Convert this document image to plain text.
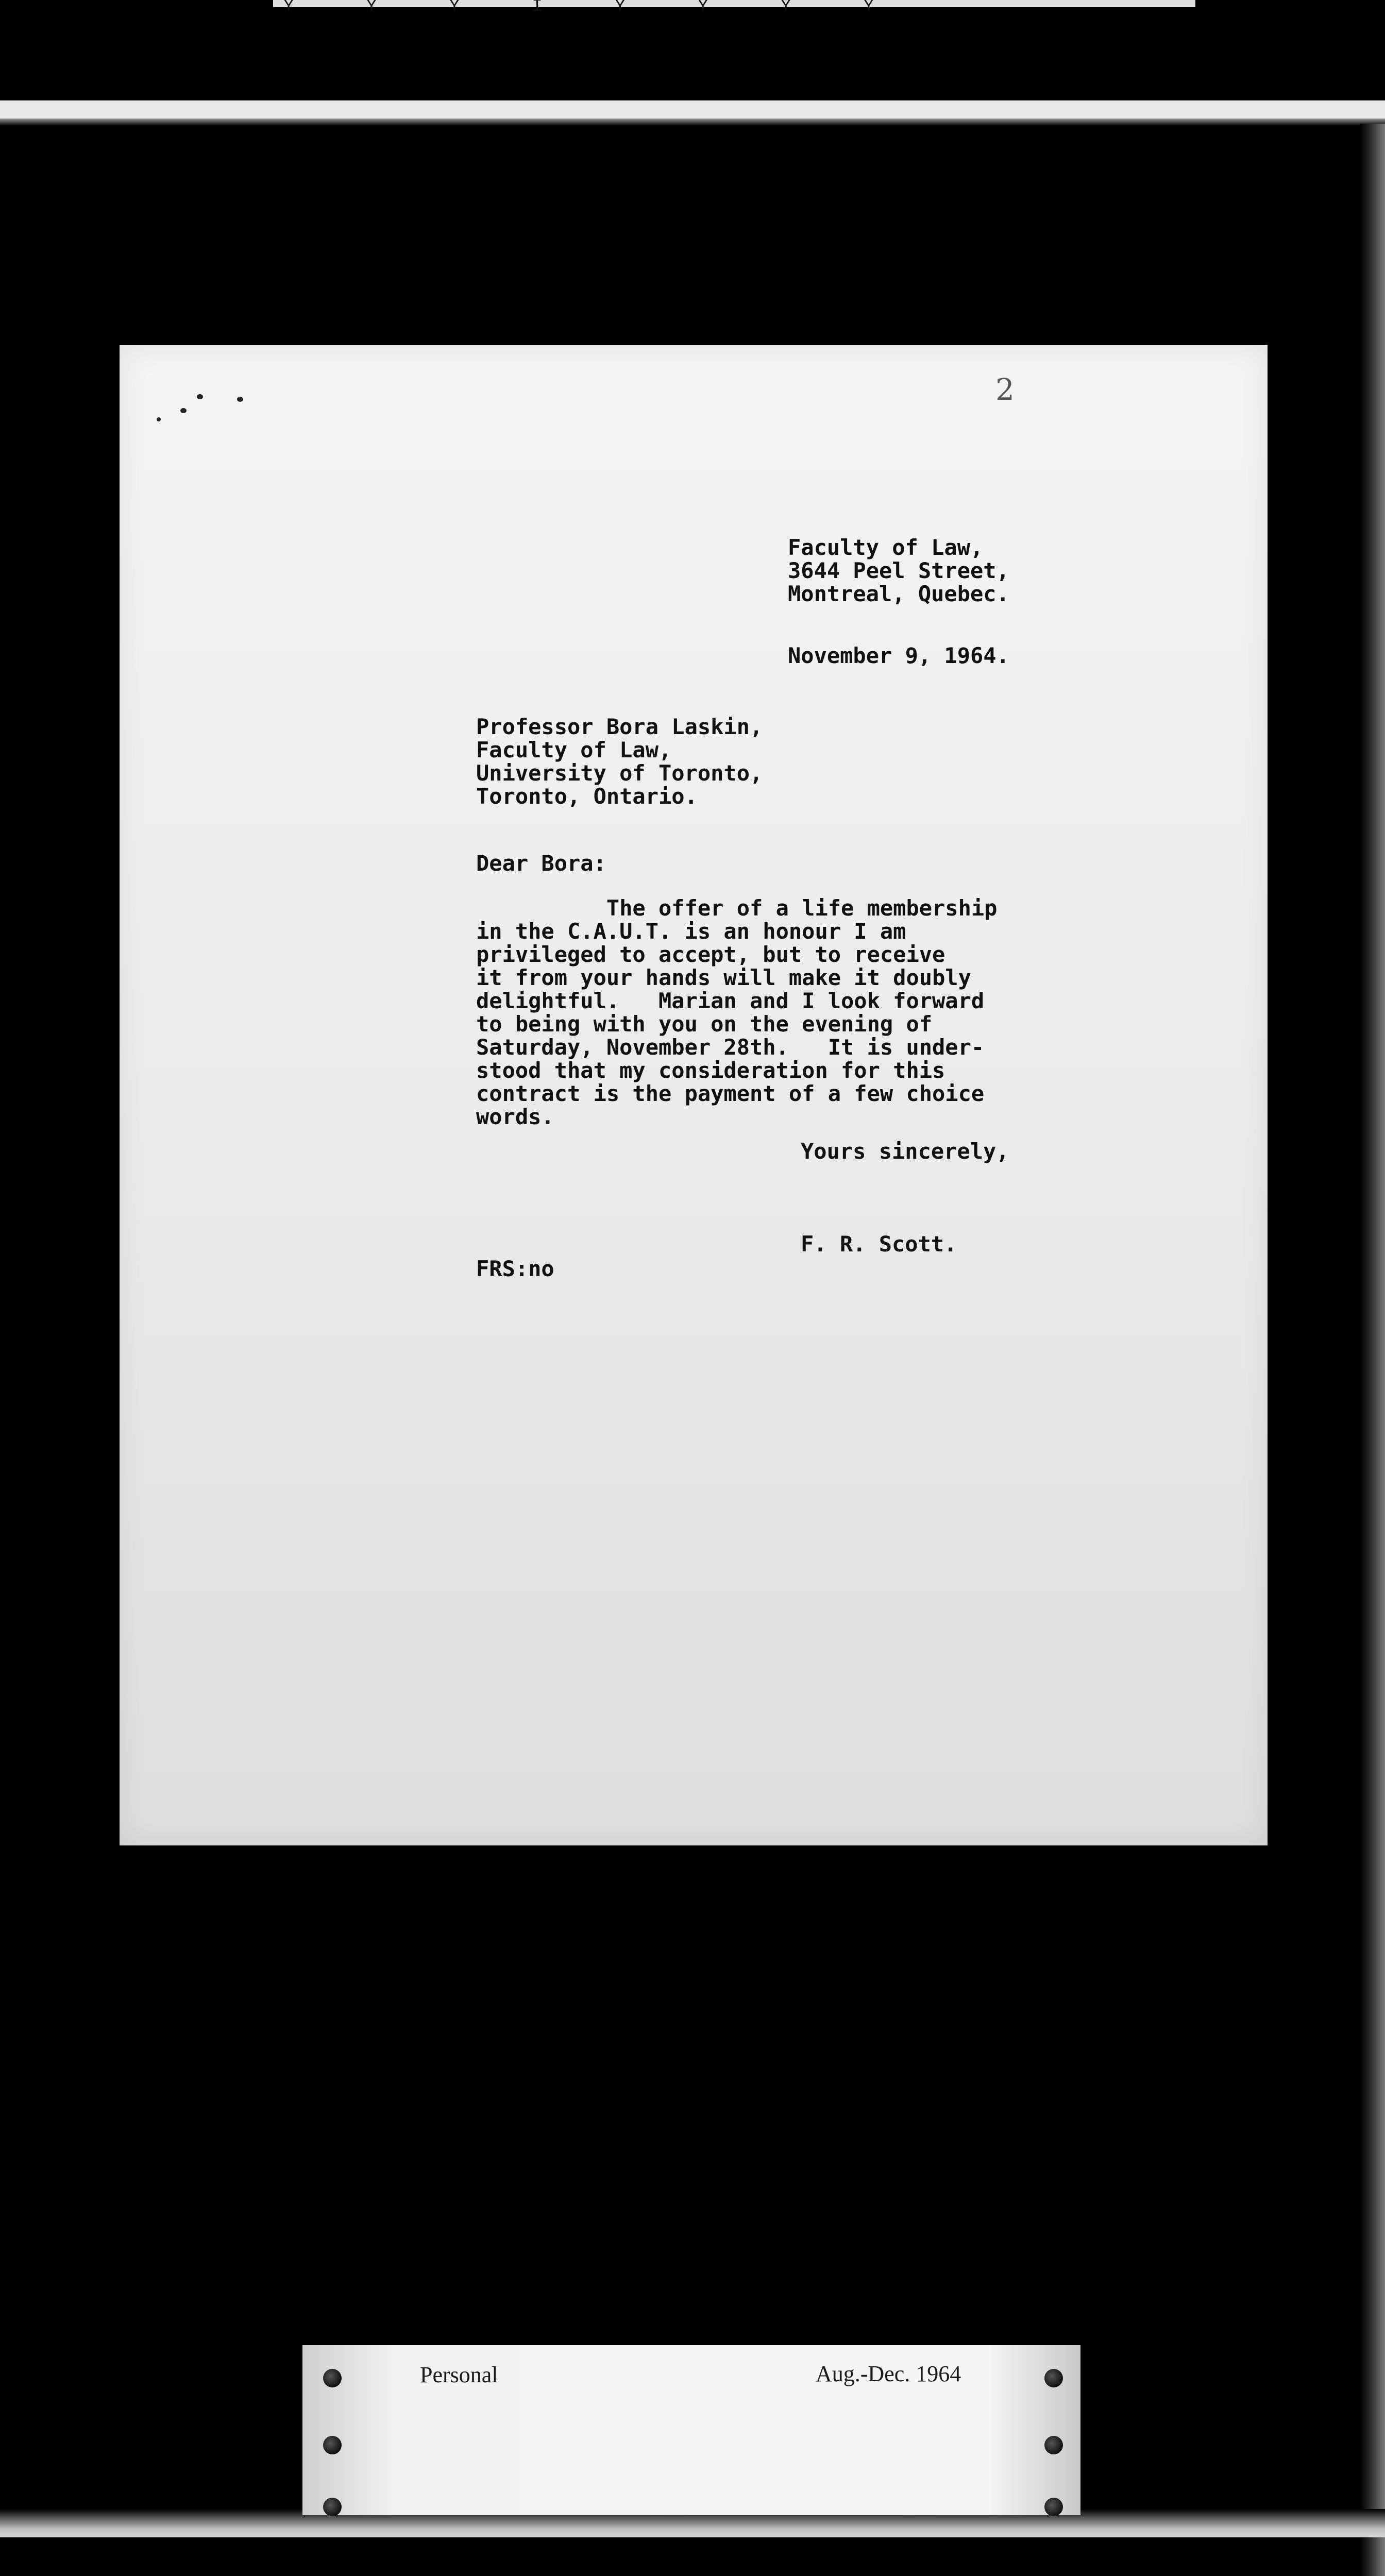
Y Y Y I Y Y Y Y
2
Faculty of Law,
3644 Peel Street,
Montreal, Quebec.
November 9, 1964.
Professor Bora Laskin,
Faculty of Law,
University of Toronto,
Toronto, Ontario.
Dear Bora:
The offer of a life membership
in the C.A.U.T. is an honour I am
privileged to accept, but to receive
it from your hands will make it doubly
delightful.   Marian and I look forward
to being with you on the evening of
Saturday, November 28th.   It is under-
stood that my consideration for this
contract is the payment of a few choice
words.
Yours sincerely,
F. R. Scott.
FRS:no
Personal	Aug.-Dec. 1964
